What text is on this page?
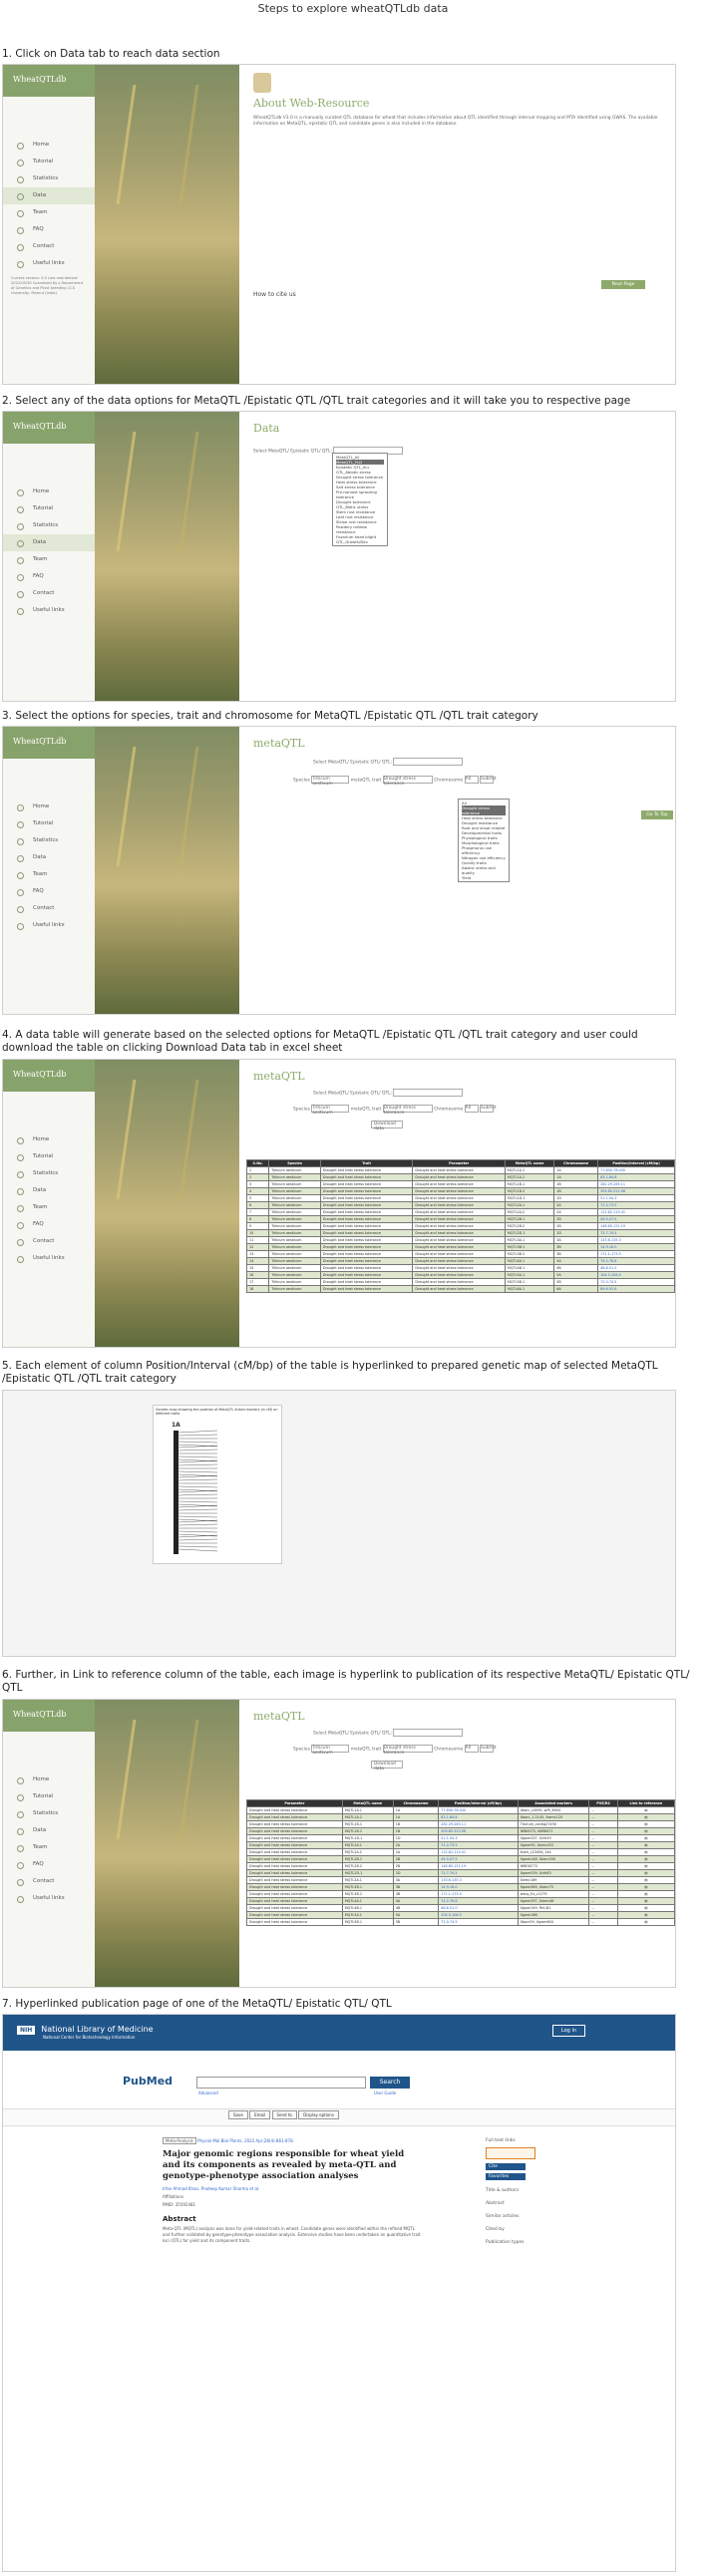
Steps to explore wheatQTLdb data
1. Click on Data tab to reach data section
WheatQTLdb
Home
Tutorial
Statistics
Data
Team
FAQ
Contact
Useful links
Current version: 3.0 Last maintained: 2022/05/30 Conceived by s Department of Genetics and Plant breeding CCS University, Meerut (India)
About Web-Resource
WheatQTLdb V3.0 is a manually curated QTL database for wheat that includes information about QTL identified through interval mapping and MTA identified using GWAS. The available information on MetaQTL, epistatic QTL and candidate genes is also included in the database.
How to cite us
Next Page
2. Select any of the data options for MetaQTL /Epistatic QTL /QTL trait categories and it will take you to respective page
WheatQTLdb
Home
Tutorial
Statistics
Data
Team
FAQ
Contact
Useful links
Data
Select MetaQTL/ Epistatic QTL/ QTL:
MetaQTL_All
MetaQTL_YLD
Epistatic QTL_ALL
QTL_Abiotic stress
Drought stress tolerance
Heat stress tolerance
Salt stress tolerance
Pre-harvest sprouting tolerance
Drought tolerance
QTL_Biotic stress
Stem rust resistance
Leaf rust resistance
Stripe rust resistance
Powdery mildew resistance
Fusarium head blight
QTL_Growth/Dev
3. Select the options for species, trait and chromosome for MetaQTL /Epistatic QTL /QTL trait category
WheatQTLdb
Home
Tutorial
Statistics
Data
Team
FAQ
Contact
Useful links
metaQTL
Select MetaQTL/ Epistatic QTL/ QTL:
Species Triticum aestivum metaQTL trait Drought stress tolerance Chromosome All Submit
All
Drought stress tolerance
Heat stress tolerance
Drought resistance
Root and shoot related
Developmental traits
Physiological traits
Morphological traits
Phosphorus use efficiency
Nitrogen use efficiency
Quality traits
Abiotic stress and quality
Yield
Go To Top
4. A data table will generate based on the selected options for MetaQTL /Epistatic QTL /QTL trait category and user could download the table on clicking Download Data tab in excel sheet
WheatQTLdb
Home
Tutorial
Statistics
Data
Team
FAQ
Contact
Useful links
metaQTL
Select MetaQTL/ Epistatic QTL/ QTL:
Species Triticum aestivum metaQTL trait Drought stress tolerance Chromosome All Submit
Download data
S.No.	Species	Trait	Parameter	MetaQTL name	Chromosome	Position/Interval (cM/bp)
1	Triticum aestivum	Drought and heat stress tolerance	Drought and heat stress tolerance	MQTL1A.1	1A	77.830-78.430
2	Triticum aestivum	Drought and heat stress tolerance	Drought and heat stress tolerance	MQTL1A.2	1A	83.1-84.8
3	Triticum aestivum	Drought and heat stress tolerance	Drought and heat stress tolerance	MQTL1B.1	1B	282.29-285.11
4	Triticum aestivum	Drought and heat stress tolerance	Drought and heat stress tolerance	MQTL1B.2	1B	309.85-312.96
5	Triticum aestivum	Drought and heat stress tolerance	Drought and heat stress tolerance	MQTL1D.1	1D	51.1-54.3
6	Triticum aestivum	Drought and heat stress tolerance	Drought and heat stress tolerance	MQTL2A.1	2A	71.2-73.5
7	Triticum aestivum	Drought and heat stress tolerance	Drought and heat stress tolerance	MQTL2A.2	2A	112.82-115.41
8	Triticum aestivum	Drought and heat stress tolerance	Drought and heat stress tolerance	MQTL2B.1	2B	44.9-47.5
9	Triticum aestivum	Drought and heat stress tolerance	Drought and heat stress tolerance	MQTL2B.2	2B	148.65-151.19
10	Triticum aestivum	Drought and heat stress tolerance	Drought and heat stress tolerance	MQTL2D.1	2D	72.7-74.5
11	Triticum aestivum	Drought and heat stress tolerance	Drought and heat stress tolerance	MQTL3A.1	3A	133.6-135.3
12	Triticum aestivum	Drought and heat stress tolerance	Drought and heat stress tolerance	MQTL3B.1	3B	14.9-16.0
13	Triticum aestivum	Drought and heat stress tolerance	Drought and heat stress tolerance	MQTL3B.2	3B	171.1-173.5
14	Triticum aestivum	Drought and heat stress tolerance	Drought and heat stress tolerance	MQTL4A.1	4A	74.2-76.8
15	Triticum aestivum	Drought and heat stress tolerance	Drought and heat stress tolerance	MQTL4B.1	4B	48.6-51.0
16	Triticum aestivum	Drought and heat stress tolerance	Drought and heat stress tolerance	MQTL5A.1	5A	104.3-106.5
17	Triticum aestivum	Drought and heat stress tolerance	Drought and heat stress tolerance	MQTL5B.1	5B	72.0-74.5
18	Triticum aestivum	Drought and heat stress tolerance	Drought and heat stress tolerance	MQTL6A.1	6A	89.6-91.8
5. Each element of column Position/Interval (cM/bp) of the table is hyperlinked to prepared genetic map of selected MetaQTL /Epistatic QTL /QTL trait category
Genetic map showing the position of MetaQTL linked markers (in cM) on different traits
1A
6. Further, in Link to reference column of the table, each image is hyperlink to publication of its respective MetaQTL/ Epistatic QTL/ QTL
WheatQTLdb
Home
Tutorial
Statistics
Data
Team
FAQ
Contact
Useful links
metaQTL
Select MetaQTL/ Epistatic QTL/ QTL:
Species Triticum aestivum metaQTL trait Drought stress tolerance Chromosome All Submit
Download data
Parameter	MetaQTL name	Chromosome	Position/Interval (cM/bp)	Associated markers	PVE/R2	Link to reference
Drought and heat stress tolerance	MQTL1A.1	1A	77.830-78.430	Xbarc_s3090, wPt_6904	--	▤
Drought and heat stress tolerance	MQTL1A.2	1A	83.1-84.8	Xbarc_1-2145, Xwmc120	--	▤
Drought and heat stress tolerance	MQTL1B.1	1B	282.29-285.11	Tdurum_contig27490	--	▤
Drought and heat stress tolerance	MQTL1B.2	1B	309.85-312.96	IWB4570, IWB8471	--	▤
Drought and heat stress tolerance	MQTL1D.1	1D	51.1-54.3	Xgwm337, Xcfd19	--	▤
Drought and heat stress tolerance	MQTL2A.1	2A	71.2-73.5	Xgwm95, Xwmc522	--	▤
Drought and heat stress tolerance	MQTL2A.2	2A	112.82-115.41	Kukri_c23456_144	--	▤
Drought and heat stress tolerance	MQTL2B.1	2B	44.9-47.5	Xgwm148, Xbarc200	--	▤
Drought and heat stress tolerance	MQTL2B.2	2B	148.65-151.19	IWB36772	--	▤
Drought and heat stress tolerance	MQTL2D.1	2D	72.7-74.5	Xgwm539, Xcfd43	--	▤
Drought and heat stress tolerance	MQTL3A.1	3A	133.6-135.3	Xwmc169	--	▤
Drought and heat stress tolerance	MQTL3B.1	3B	14.9-16.0	Xgwm389, Xbarc75	--	▤
Drought and heat stress tolerance	MQTL3B.2	3B	171.1-173.5	wsnp_Ex_c1279	--	▤
Drought and heat stress tolerance	MQTL4A.1	4A	74.2-76.8	Xgwm397, Xwmc48	--	▤
Drought and heat stress tolerance	MQTL4B.1	4B	48.6-51.0	Xgwm149, Rht-B1	--	▤
Drought and heat stress tolerance	MQTL5A.1	5A	104.3-106.5	Xgwm186	--	▤
Drought and heat stress tolerance	MQTL5B.1	5B	72.0-74.5	Xbarc59, Xgwm604	--	▤
7. Hyperlinked publication page of one of the MetaQTL/ Epistatic QTL/ QTL
NIH National Library of Medicine
National Center for Biotechnology Information
Log in
PubMed	Search
Advanced	User Guide
Save	Email	Send to	Display options
Meta-Analysis Physiol Mol Biol Plants. 2022 Apr;28(4):861-878.
Major genomic regions responsible for wheat yield and its components as revealed by meta-QTL and genotype-phenotype association analyses
Irfan Ahmad Khan, Pradeep Kumar Sharma et al.
Affiliations
PMID: 35592481
Abstract
Meta-QTL (MQTL) analysis was done for yield-related traits in wheat. Candidate genes were identified within the refined MQTL and further validated by genotype-phenotype association analysis. Extensive studies have been undertaken on quantitative trait loci (QTL) for yield and its component traits.
Full text links
Cite
Favorites
Title & authors
Abstract
Similar articles
Cited by
Publication types
